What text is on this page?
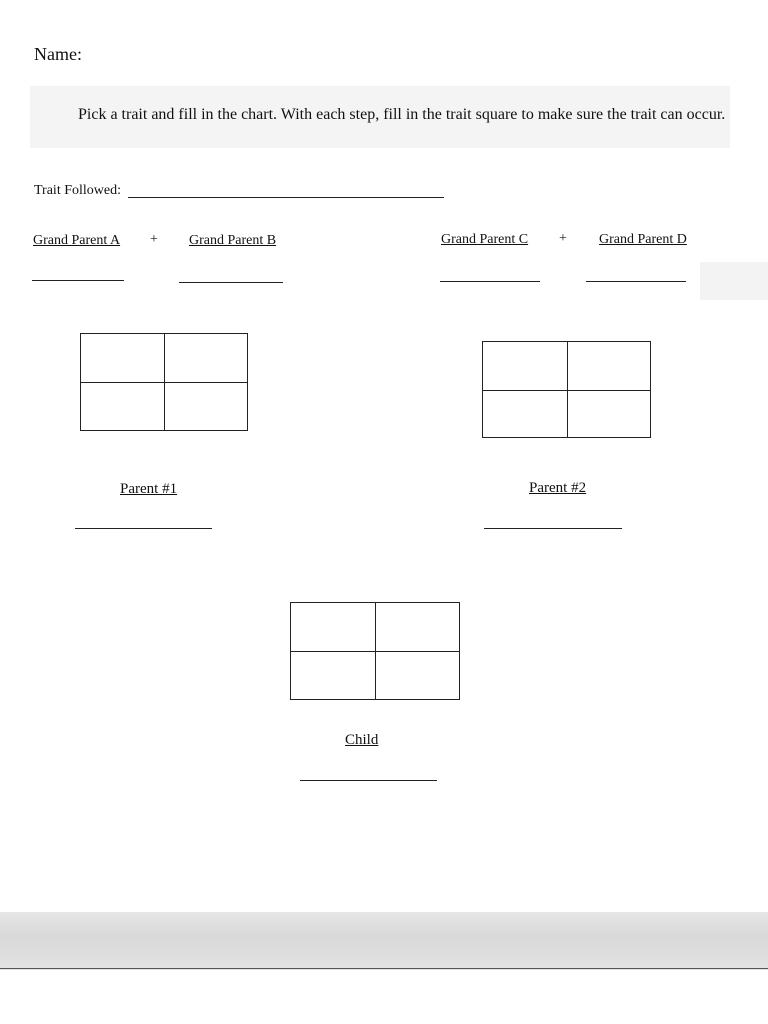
Name:
Pick a trait and fill in the chart. With each step, fill in the trait square to make sure the trait can occur.
Trait Followed:
Grand Parent A + Grand Parent B	Grand Parent C + Grand Parent D
Parent #1	Parent #2
Child
